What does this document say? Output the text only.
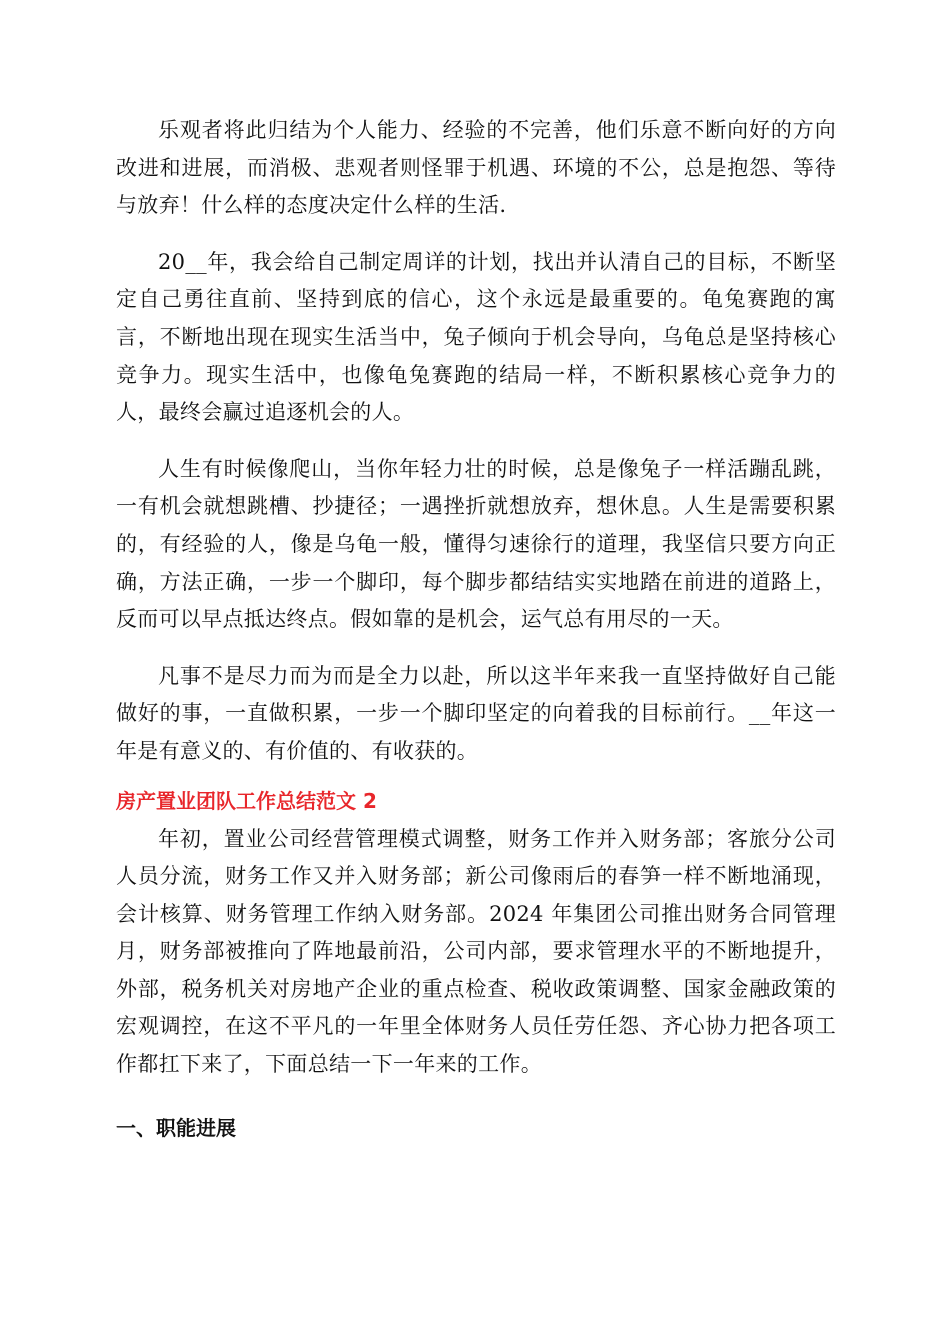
乐观者将此归结为个人能力、经验的不完善，他们乐意不断向好的方向改进和进展，而消极、悲观者则怪罪于机遇、环境的不公，总是抱怨、等待与放弃！什么样的态度决定什么样的生活.

20__年，我会给自己制定周详的计划，找出并认清自己的目标，不断坚定自己勇往直前、坚持到底的信心，这个永远是最重要的。龟兔赛跑的寓言，不断地出现在现实生活当中，兔子倾向于机会导向，乌龟总是坚持核心竞争力。现实生活中，也像龟兔赛跑的结局一样，不断积累核心竞争力的人，最终会赢过追逐机会的人。

人生有时候像爬山，当你年轻力壮的时候，总是像兔子一样活蹦乱跳，一有机会就想跳槽、抄捷径；一遇挫折就想放弃，想休息。人生是需要积累的，有经验的人，像是乌龟一般，懂得匀速徐行的道理，我坚信只要方向正确，方法正确，一步一个脚印，每个脚步都结结实实地踏在前进的道路上，反而可以早点抵达终点。假如靠的是机会，运气总有用尽的一天。

凡事不是尽力而为而是全力以赴，所以这半年来我一直坚持做好自己能做好的事，一直做积累，一步一个脚印坚定的向着我的目标前行。__年这一年是有意义的、有价值的、有收获的。

房产置业团队工作总结范文 2

年初，置业公司经营管理模式调整，财务工作并入财务部；客旅分公司人员分流，财务工作又并入财务部；新公司像雨后的春笋一样不断地涌现，会计核算、财务管理工作纳入财务部。2024 年集团公司推出财务合同管理月，财务部被推向了阵地最前沿，公司内部，要求管理水平的不断地提升，外部，税务机关对房地产企业的重点检查、税收政策调整、国家金融政策的宏观调控，在这不平凡的一年里全体财务人员任劳任怨、齐心协力把各项工作都扛下来了，下面总结一下一年来的工作。

一、职能进展
